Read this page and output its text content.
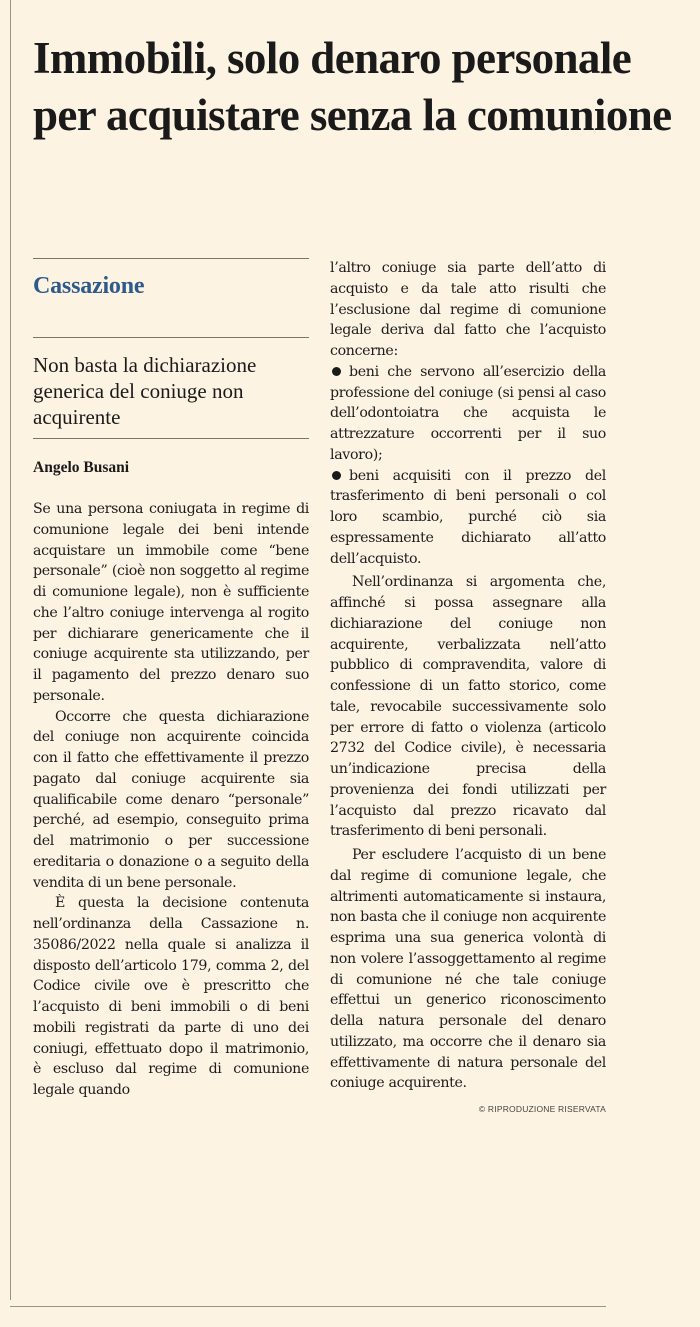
Immobili, solo denaro personale per acquistare senza la comunione
Cassazione
Non basta la dichiarazione generica del coniuge non acquirente
Angelo Busani

Se una persona coniugata in regime di comunione legale dei beni intende acquistare un immobile come “bene personale” (cioè non soggetto al regime di comunione legale), non è sufficiente che l’altro coniuge intervenga al rogito per dichiarare genericamente che il coniuge acquirente sta utilizzando, per il pagamento del prezzo denaro suo personale.

Occorre che questa dichiarazione del coniuge non acquirente coincida con il fatto che effettivamente il prezzo pagato dal coniuge acquirente sia qualificabile come denaro “personale” perché, ad esempio, conseguito prima del matrimonio o per successione ereditaria o donazione o a seguito della vendita di un bene personale.

È questa la decisione contenuta nell’ordinanza della Cassazione n. 35086/2022 nella quale si analizza il disposto dell’articolo 179, comma 2, del Codice civile ove è prescritto che l’acquisto di beni immobili o di beni mobili registrati da parte di uno dei coniugi, effettuato dopo il matrimonio, è escluso dal regime di comunione legale quando

l’altro coniuge sia parte dell’atto di acquisto e da tale atto risulti che l’esclusione dal regime di comunione legale deriva dal fatto che l’acquisto concerne:

beni che servono all’esercizio della professione del coniuge (si pensi al caso dell’odontoiatra che acquista le attrezzature occorrenti per il suo lavoro);

beni acquisiti con il prezzo del trasferimento di beni personali o col loro scambio, purché ciò sia espressamente dichiarato all’atto dell’acquisto.

Nell’ordinanza si argomenta che, affinché si possa assegnare alla dichiarazione del coniuge non acquirente, verbalizzata nell’atto pubblico di compravendita, valore di confessione di un fatto storico, come tale, revocabile successivamente solo per errore di fatto o violenza (articolo 2732 del Codice civile), è necessaria un’indicazione precisa della provenienza dei fondi utilizzati per l’acquisto dal prezzo ricavato dal trasferimento di beni personali.

Per escludere l’acquisto di un bene dal regime di comunione legale, che altrimenti automaticamente si instaura, non basta che il coniuge non acquirente esprima una sua generica volontà di non volere l’assoggettamento al regime di comunione né che tale coniuge effettui un generico riconoscimento della natura personale del denaro utilizzato, ma occorre che il denaro sia effettivamente di natura personale del coniuge acquirente.

© RIPRODUZIONE RISERVATA
